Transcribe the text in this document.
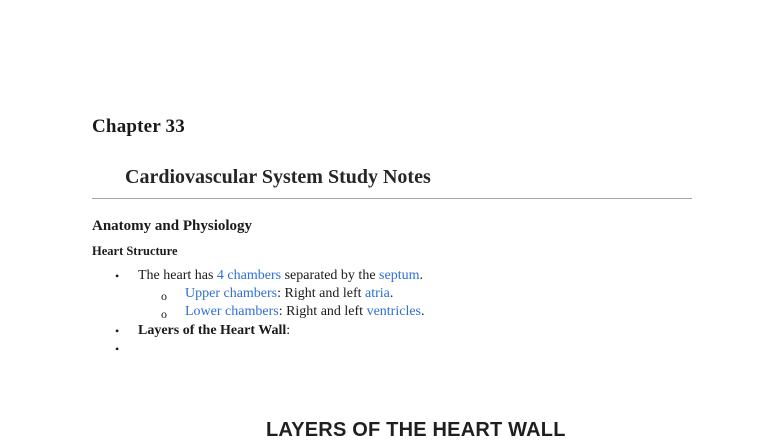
Chapter 33
Cardiovascular System Study Notes
Anatomy and Physiology
Heart Structure
• The heart has 4 chambers separated by the septum.
o Upper chambers: Right and left atria.
o Lower chambers: Right and left ventricles.
• Layers of the Heart Wall:
•
LAYERS OF THE HEART WALL
